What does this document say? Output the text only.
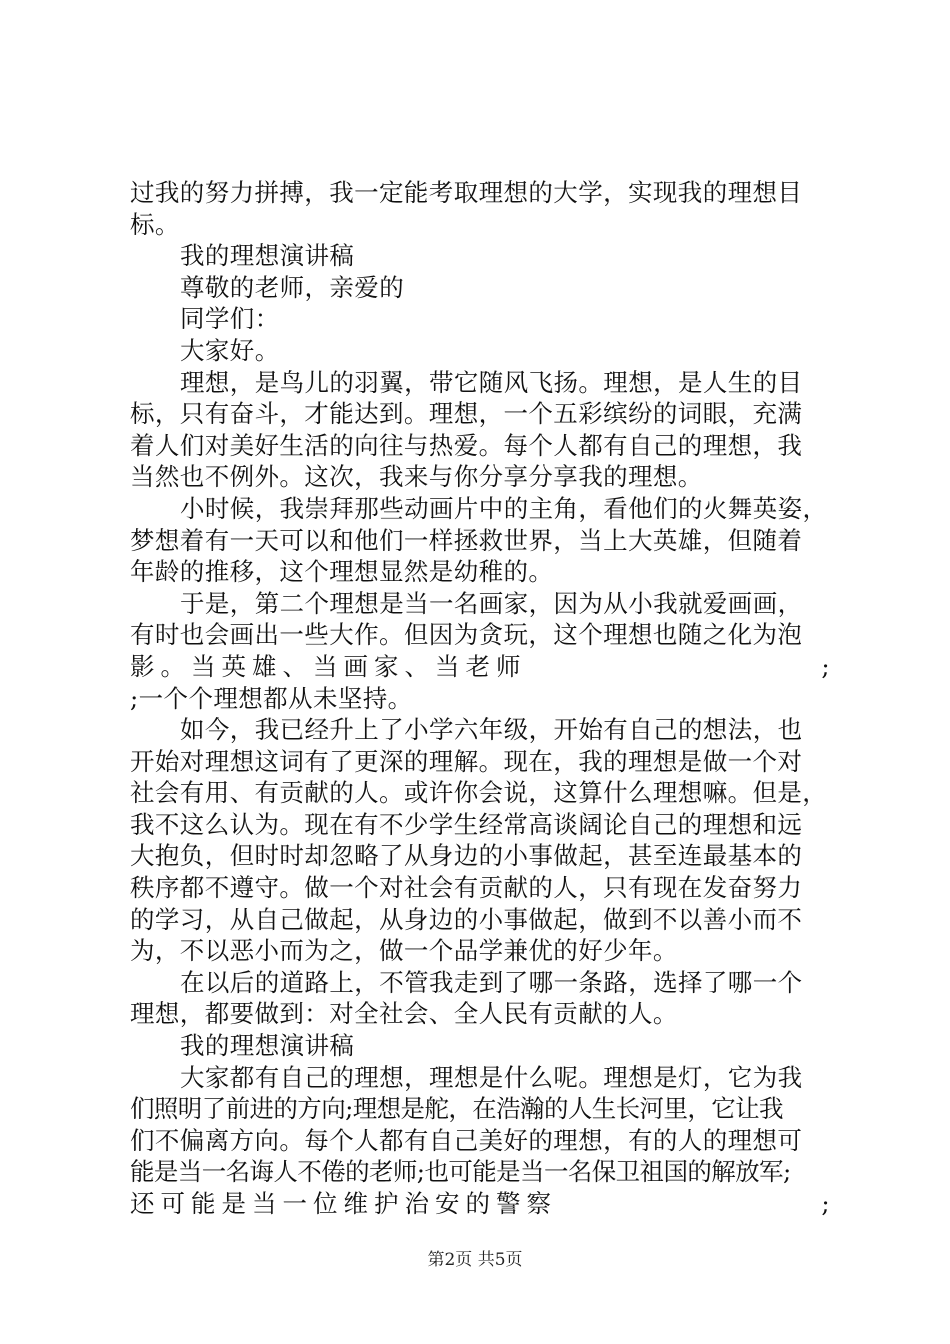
过我的努力拼搏，我一定能考取理想的大学，实现我的理想目
标。
我的理想演讲稿
尊敬的老师，亲爱的
同学们：
大家好。
理想，是鸟儿的羽翼，带它随风飞扬。理想，是人生的目
标，只有奋斗，才能达到。理想，一个五彩缤纷的词眼，充满
着人们对美好生活的向往与热爱。每个人都有自己的理想，我
当然也不例外。这次，我来与你分享分享我的理想。
小时候，我崇拜那些动画片中的主角，看他们的火舞英姿，
梦想着有一天可以和他们一样拯救世界，当上大英雄，但随着
年龄的推移，这个理想显然是幼稚的。
于是，第二个理想是当一名画家，因为从小我就爱画画，
有时也会画出一些大作。但因为贪玩，这个理想也随之化为泡
影。当英雄、当画家、当老师	;
;一个个理想都从未坚持。
如今，我已经升上了小学六年级，开始有自己的想法，也
开始对理想这词有了更深的理解。现在，我的理想是做一个对
社会有用、有贡献的人。或许你会说，这算什么理想嘛。但是，
我不这么认为。现在有不少学生经常高谈阔论自己的理想和远
大抱负，但时时却忽略了从身边的小事做起，甚至连最基本的
秩序都不遵守。做一个对社会有贡献的人，只有现在发奋努力
的学习，从自己做起，从身边的小事做起，做到不以善小而不
为，不以恶小而为之，做一个品学兼优的好少年。
在以后的道路上，不管我走到了哪一条路，选择了哪一个
理想，都要做到：对全社会、全人民有贡献的人。
我的理想演讲稿
大家都有自己的理想，理想是什么呢。理想是灯，它为我
们照明了前进的方向;理想是舵，在浩瀚的人生长河里，它让我
们不偏离方向。每个人都有自己美好的理想，有的人的理想可
能是当一名诲人不倦的老师;也可能是当一名保卫祖国的解放军;
还可能是当一位维护治安的警察	;
第2页 共5页
